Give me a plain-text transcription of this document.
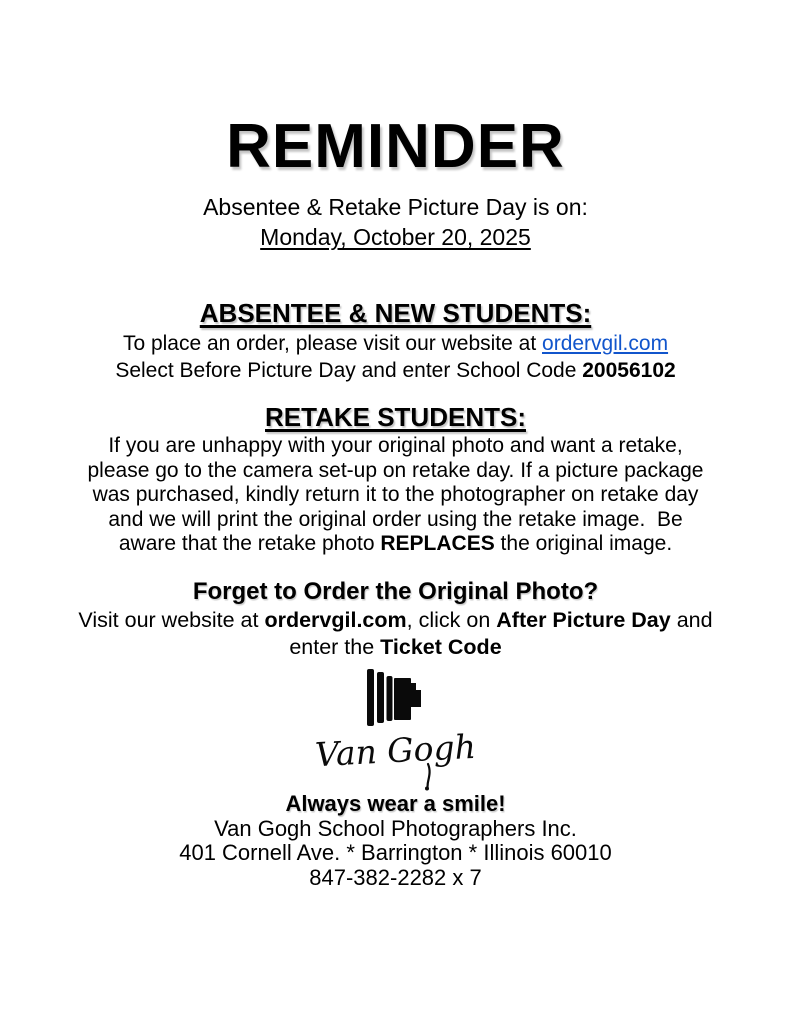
REMINDER
Absentee & Retake Picture Day is on:
Monday, October 20, 2025
ABSENTEE & NEW STUDENTS:
To place an order, please visit our website at ordervgil.com
Select Before Picture Day and enter School Code 20056102
RETAKE STUDENTS:
If you are unhappy with your original photo and want a retake,
please go to the camera set-up on retake day. If a picture package
was purchased, kindly return it to the photographer on retake day
and we will print the original order using the retake image.  Be
aware that the retake photo REPLACES the original image.
Forget to Order the Original Photo?
Visit our website at ordervgil.com, click on After Picture Day and
enter the Ticket Code
Van Gogh
Always wear a smile!
Van Gogh School Photographers Inc.
401 Cornell Ave. * Barrington * Illinois 60010
847-382-2282 x 7
